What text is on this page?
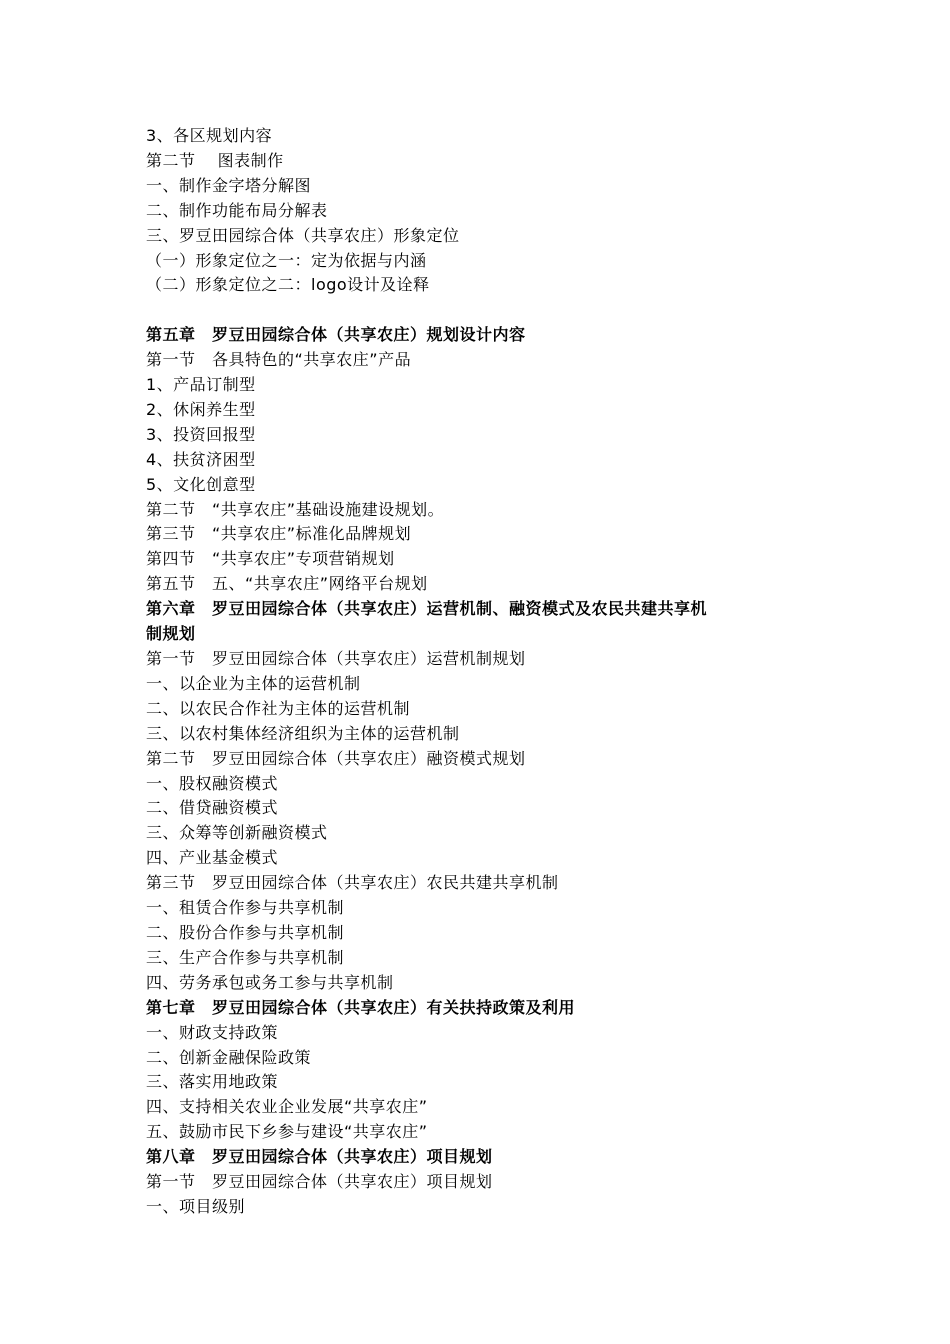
3、各区规划内容
第二节　 图表制作
一、制作金字塔分解图
二、制作功能布局分解表
三、罗豆田园综合体（共享农庄）形象定位
（一）形象定位之一：定为依据与内涵
（二）形象定位之二：logo设计及诠释
第五章　罗豆田园综合体（共享农庄）规划设计内容
第一节　各具特色的“共享农庄”产品
1、产品订制型
2、休闲养生型
3、投资回报型
4、扶贫济困型
5、文化创意型
第二节　“共享农庄”基础设施建设规划。
第三节　“共享农庄”标准化品牌规划
第四节　“共享农庄”专项营销规划
第五节　五、“共享农庄”网络平台规划
第六章　罗豆田园综合体（共享农庄）运营机制、融资模式及农民共建共享机
制规划
第一节　罗豆田园综合体（共享农庄）运营机制规划
一、以企业为主体的运营机制
二、以农民合作社为主体的运营机制
三、以农村集体经济组织为主体的运营机制
第二节　罗豆田园综合体（共享农庄）融资模式规划
一、股权融资模式
二、借贷融资模式
三、众筹等创新融资模式
四、产业基金模式
第三节　罗豆田园综合体（共享农庄）农民共建共享机制
一、租赁合作参与共享机制
二、股份合作参与共享机制
三、生产合作参与共享机制
四、劳务承包或务工参与共享机制
第七章　罗豆田园综合体（共享农庄）有关扶持政策及利用
一、财政支持政策
二、创新金融保险政策
三、落实用地政策
四、支持相关农业企业发展“共享农庄”
五、鼓励市民下乡参与建设“共享农庄”
第八章　罗豆田园综合体（共享农庄）项目规划
第一节　罗豆田园综合体（共享农庄）项目规划
一、项目级别
